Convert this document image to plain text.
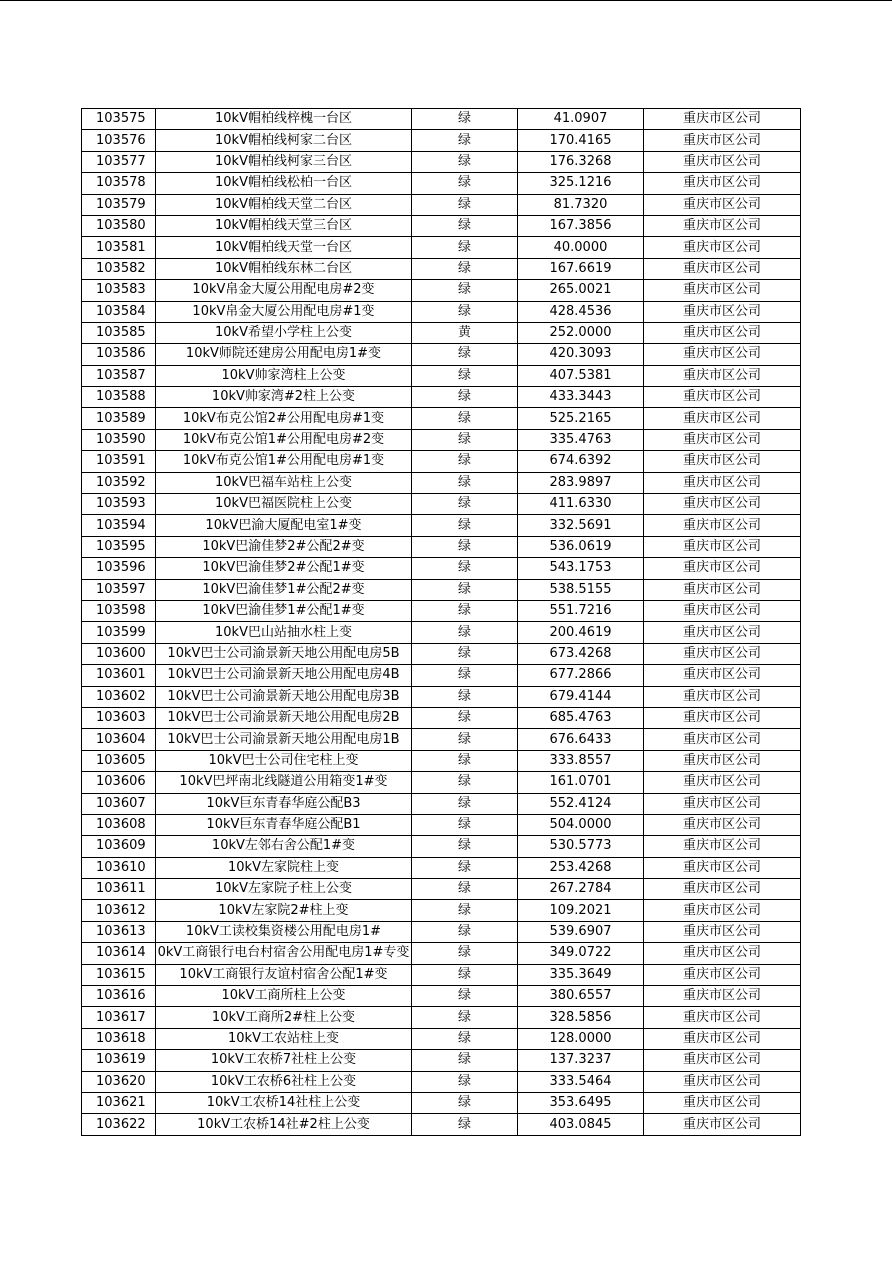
103575	10kV帽柏线梓槐一台区	绿	41.0907	重庆市区公司
103576	10kV帽柏线柯家二台区	绿	170.4165	重庆市区公司
103577	10kV帽柏线柯家三台区	绿	176.3268	重庆市区公司
103578	10kV帽柏线松柏一台区	绿	325.1216	重庆市区公司
103579	10kV帽柏线天堂二台区	绿	81.7320	重庆市区公司
103580	10kV帽柏线天堂三台区	绿	167.3856	重庆市区公司
103581	10kV帽柏线天堂一台区	绿	40.0000	重庆市区公司
103582	10kV帽柏线东林二台区	绿	167.6619	重庆市区公司
103583	10kV帛金大厦公用配电房#2变	绿	265.0021	重庆市区公司
103584	10kV帛金大厦公用配电房#1变	绿	428.4536	重庆市区公司
103585	10kV希望小学柱上公变	黄	252.0000	重庆市区公司
103586	10kV师院还建房公用配电房1#变	绿	420.3093	重庆市区公司
103587	10kV帅家湾柱上公变	绿	407.5381	重庆市区公司
103588	10kV帅家湾#2柱上公变	绿	433.3443	重庆市区公司
103589	10kV布克公馆2#公用配电房#1变	绿	525.2165	重庆市区公司
103590	10kV布克公馆1#公用配电房#2变	绿	335.4763	重庆市区公司
103591	10kV布克公馆1#公用配电房#1变	绿	674.6392	重庆市区公司
103592	10kV巴福车站柱上公变	绿	283.9897	重庆市区公司
103593	10kV巴福医院柱上公变	绿	411.6330	重庆市区公司
103594	10kV巴渝大厦配电室1#变	绿	332.5691	重庆市区公司
103595	10kV巴渝佳梦2#公配2#变	绿	536.0619	重庆市区公司
103596	10kV巴渝佳梦2#公配1#变	绿	543.1753	重庆市区公司
103597	10kV巴渝佳梦1#公配2#变	绿	538.5155	重庆市区公司
103598	10kV巴渝佳梦1#公配1#变	绿	551.7216	重庆市区公司
103599	10kV巴山站抽水柱上变	绿	200.4619	重庆市区公司
103600	10kV巴士公司渝景新天地公用配电房5B	绿	673.4268	重庆市区公司
103601	10kV巴士公司渝景新天地公用配电房4B	绿	677.2866	重庆市区公司
103602	10kV巴士公司渝景新天地公用配电房3B	绿	679.4144	重庆市区公司
103603	10kV巴士公司渝景新天地公用配电房2B	绿	685.4763	重庆市区公司
103604	10kV巴士公司渝景新天地公用配电房1B	绿	676.6433	重庆市区公司
103605	10kV巴士公司住宅柱上变	绿	333.8557	重庆市区公司
103606	10kV巴坪南北线隧道公用箱变1#变	绿	161.0701	重庆市区公司
103607	10kV巨东青春华庭公配B3	绿	552.4124	重庆市区公司
103608	10kV巨东青春华庭公配B1	绿	504.0000	重庆市区公司
103609	10kV左邻右舍公配1#变	绿	530.5773	重庆市区公司
103610	10kV左家院柱上变	绿	253.4268	重庆市区公司
103611	10kV左家院子柱上公变	绿	267.2784	重庆市区公司
103612	10kV左家院2#柱上变	绿	109.2021	重庆市区公司
103613	10kV工读校集资楼公用配电房1#	绿	539.6907	重庆市区公司
103614	0kV工商银行电台村宿舍公用配电房1#专变	绿	349.0722	重庆市区公司
103615	10kV工商银行友谊村宿舍公配1#变	绿	335.3649	重庆市区公司
103616	10kV工商所柱上公变	绿	380.6557	重庆市区公司
103617	10kV工商所2#柱上公变	绿	328.5856	重庆市区公司
103618	10kV工农站柱上变	绿	128.0000	重庆市区公司
103619	10kV工农桥7社柱上公变	绿	137.3237	重庆市区公司
103620	10kV工农桥6社柱上公变	绿	333.5464	重庆市区公司
103621	10kV工农桥14社柱上公变	绿	353.6495	重庆市区公司
103622	10kV工农桥14社#2柱上公变	绿	403.0845	重庆市区公司
